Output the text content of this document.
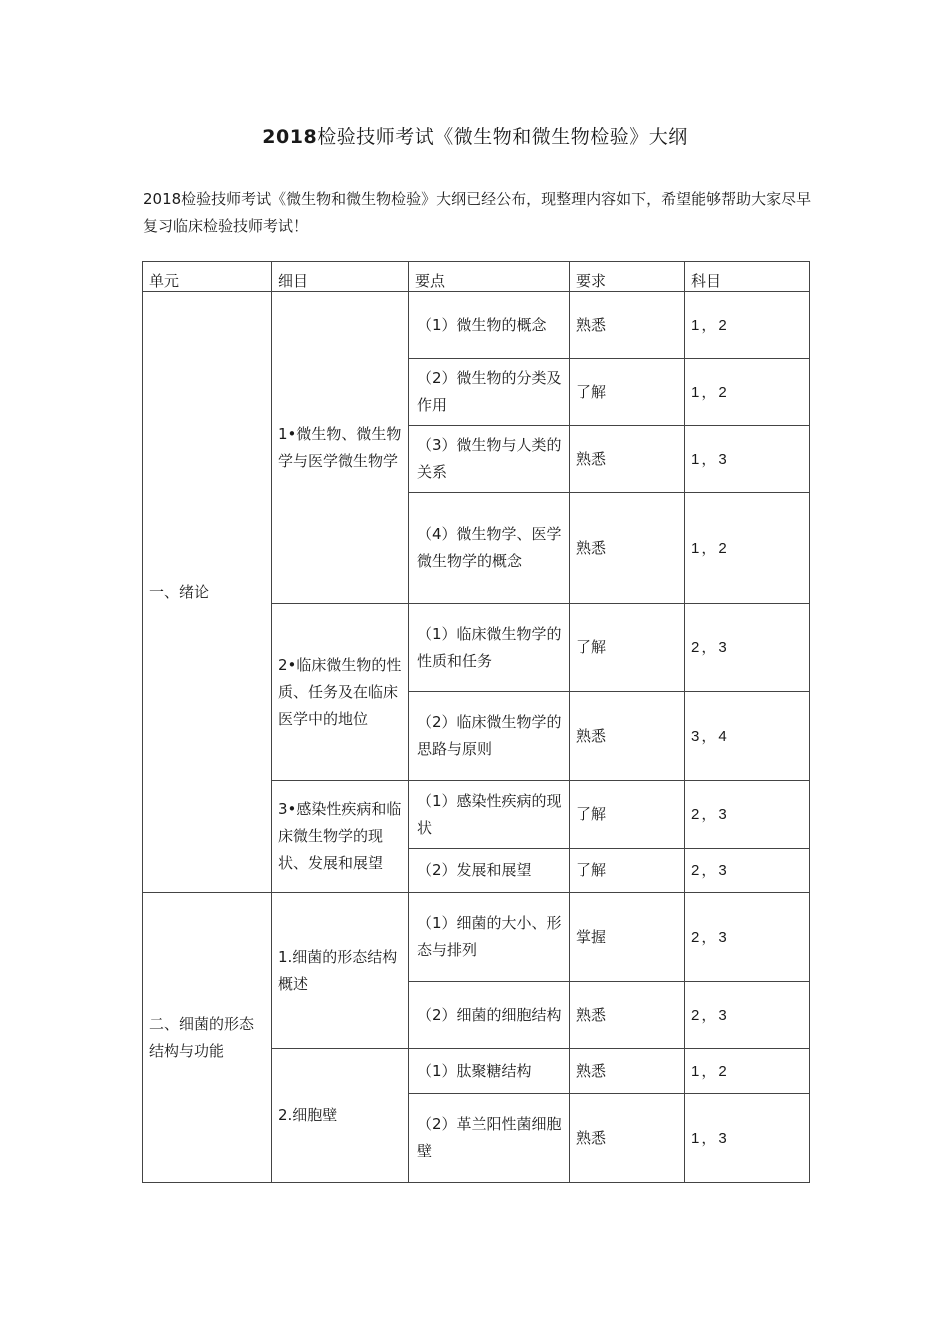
2018检验技师考试《微生物和微生物检验》大纲
2018检验技师考试《微生物和微生物检验》大纲已经公布，现整理内容如下，希望能够帮助大家尽早复习临床检验技师考试！
单元	细目	要点	要求	科目
一、绪论	1•微生物、微生物学与医学微生物学	（1）微生物的概念	熟悉	1，2
		（2）微生物的分类及作用	了解	1，2
		（3）微生物与人类的关系	熟悉	1，3
		（4）微生物学、医学微生物学的概念	熟悉	1，2
	2•临床微生物的性质、任务及在临床医学中的地位	（1）临床微生物学的性质和任务	了解	2，3
		（2）临床微生物学的思路与原则	熟悉	3，4
	3•感染性疾病和临床微生物学的现状、发展和展望	（1）感染性疾病的现状	了解	2，3
		（2）发展和展望	了解	2，3
二、细菌的形态结构与功能	1.细菌的形态结构概述	（1）细菌的大小、形态与排列	掌握	2，3
		（2）细菌的细胞结构	熟悉	2，3
	2.细胞壁	（1）肽聚糖结构	熟悉	1，2
		（2）革兰阳性菌细胞壁	熟悉	1，3
